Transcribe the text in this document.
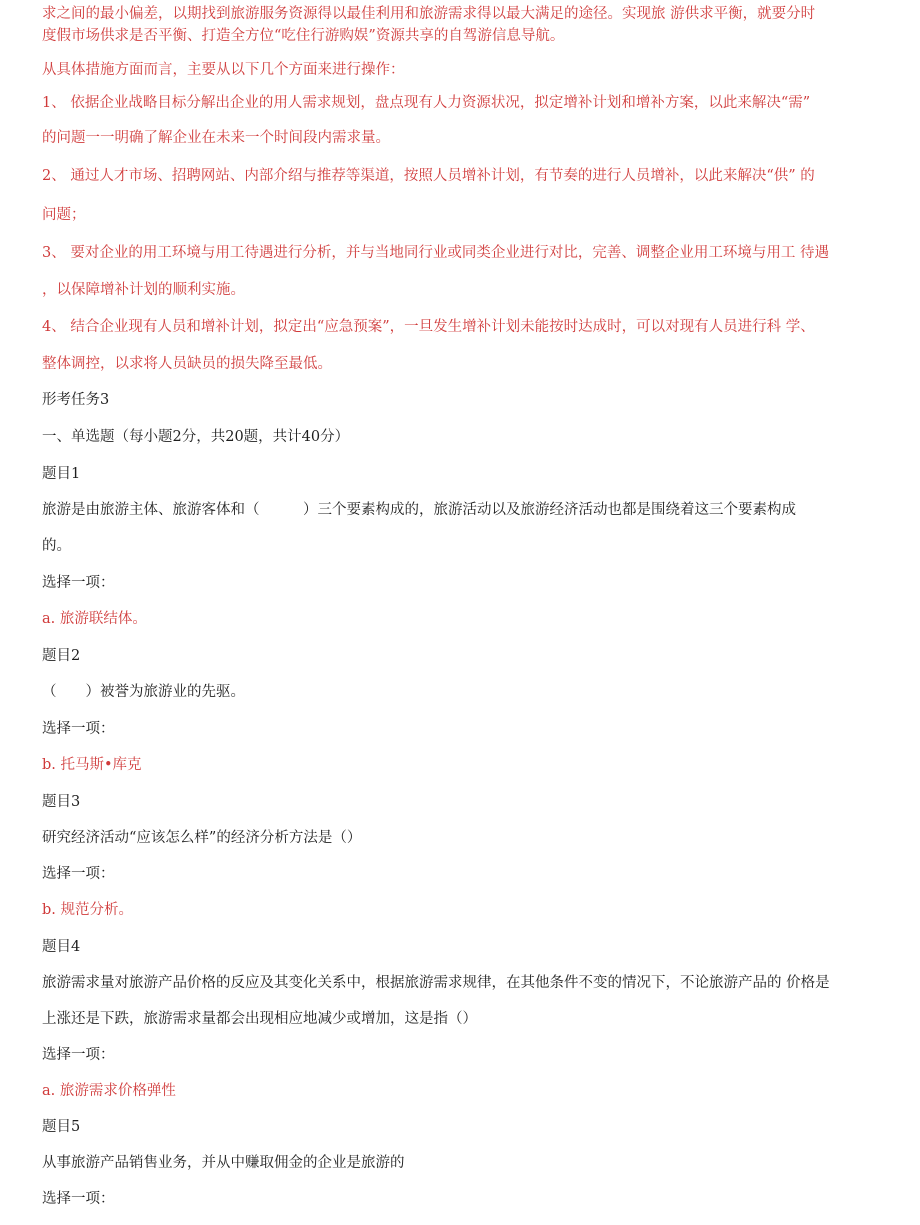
求之间的最小偏差，以期找到旅游服务资源得以最佳利用和旅游需求得以最大满足的途径。实现旅 游供求平衡，就要分时
度假市场供求是否平衡、打造全方位“吃住行游购娱”资源共享的自驾游信息导航。
从具体措施方面而言，主要从以下几个方面来进行操作：
1、 依据企业战略目标分解出企业的用人需求规划，盘点现有人力资源状况，拟定增补计划和增补方案，以此来解决“需”
的问题一一明确了解企业在未来一个时间段内需求量。
2、 通过人才市场、招聘网站、内部介绍与推荐等渠道，按照人员增补计划，有节奏的进行人员增补，以此来解决“供” 的
问题；
3、 要对企业的用工环境与用工待遇进行分析，并与当地同行业或同类企业进行对比，完善、调整企业用工环境与用工 待遇
，以保障增补计划的顺利实施。
4、 结合企业现有人员和增补计划，拟定出“应急预案”，一旦发生增补计划未能按时达成时，可以对现有人员进行科 学、
整体调控，以求将人员缺员的损失降至最低。
形考任务3
一、单选题（每小题2分，共20题，共计40分）
题目1
旅游是由旅游主体、旅游客体和（　　　）三个要素构成的，旅游活动以及旅游经济活动也都是围绕着这三个要素构成
的。
选择一项：
a. 旅游联结体。
题目2
（　　）被誉为旅游业的先驱。
选择一项：
b. 托马斯•库克
题目3
研究经济活动“应该怎么样”的经济分析方法是（）
选择一项：
b. 规范分析。
题目4
旅游需求量对旅游产品价格的反应及其变化关系中，根据旅游需求规律，在其他条件不变的情况下，不论旅游产品的 价格是
上涨还是下跌，旅游需求量都会出现相应地减少或增加，这是指（）
选择一项：
a. 旅游需求价格弹性
题目5
从事旅游产品销售业务，并从中赚取佣金的企业是旅游的
选择一项：
